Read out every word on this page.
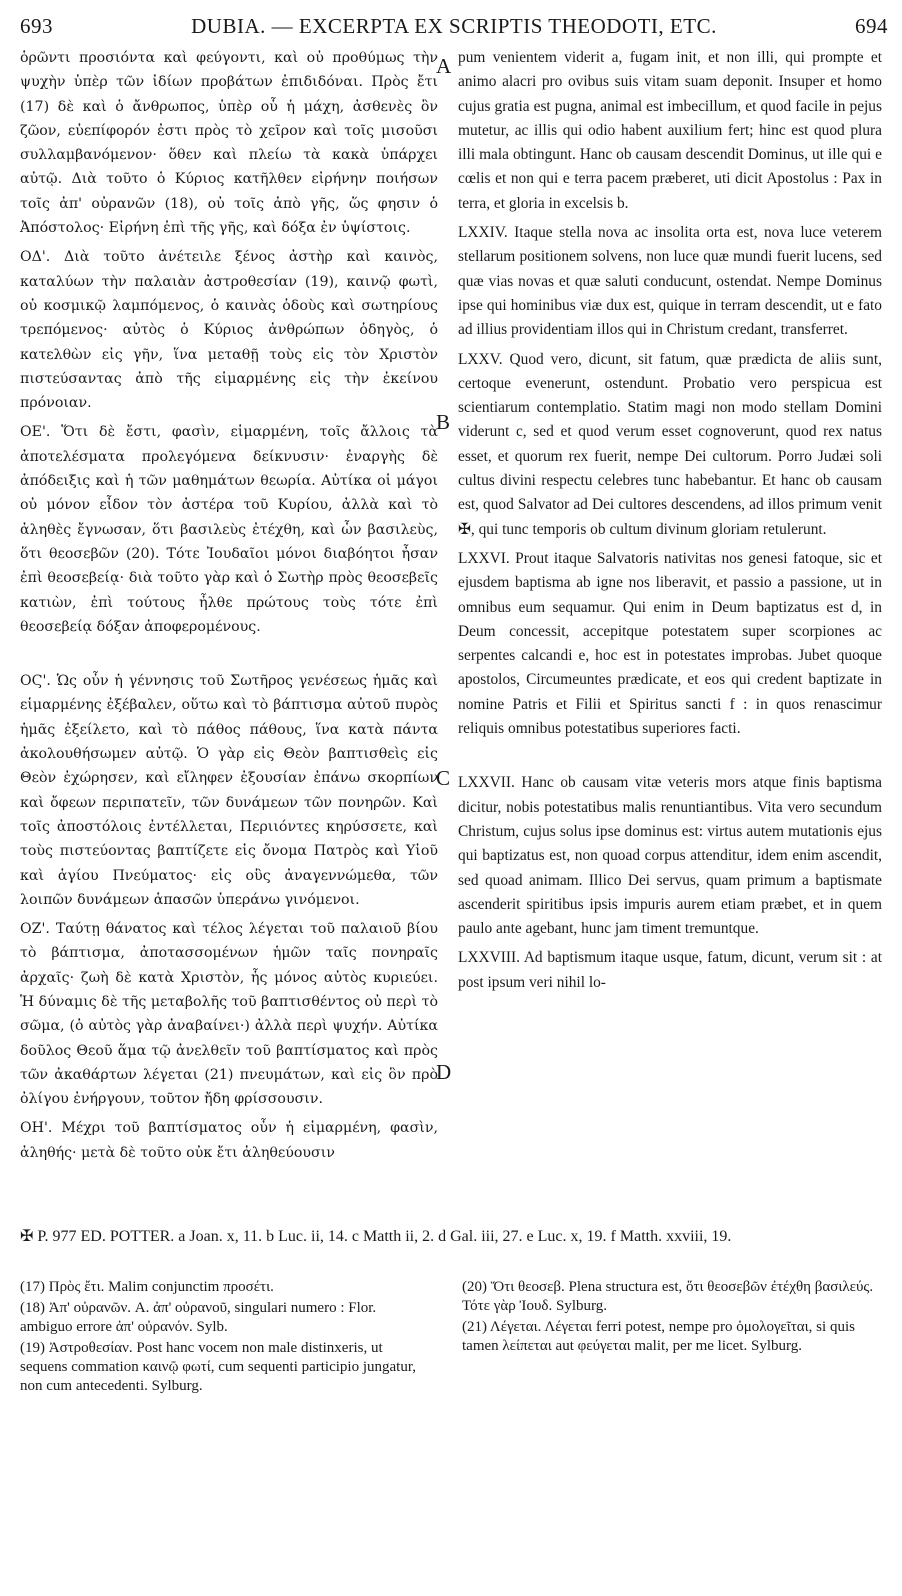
DUBIA. — EXCERPTA EX SCRIPTIS THEODOTI, ETC.
693	694

ὁρῶντι προσιόντα καὶ φεύγοντι, καὶ οὐ προθύμως τὴν ψυχὴν ὑπὲρ τῶν ἰδίων προβάτων ἐπιδιδόναι. Πρὸς ἔτι (17) δὲ καὶ ὁ ἄνθρωπος, ὑπὲρ οὗ ἡ μάχη, ἀσθενὲς ὂν ζῶον, εὐεπίφορόν ἐστι πρὸς τὸ χεῖρον καὶ τοῖς μισοῦσι συλλαμβανόμενον· ὅθεν καὶ πλείω τὰ κακὰ ὑπάρχει αὐτῷ. Διὰ τοῦτο ὁ Κύριος κατῆλθεν εἰρήνην ποιήσων τοῖς ἀπ' οὐρανῶν (18), οὐ τοῖς ἀπὸ γῆς, ὥς φησιν ὁ Ἀπόστολος· Εἰρήνη ἐπὶ τῆς γῆς, καὶ δόξα ἐν ὑψίστοις.

ΟΔ'. Διὰ τοῦτο ἀνέτειλε ξένος ἀστὴρ καὶ καινὸς, καταλύων τὴν παλαιὰν ἀστροθεσίαν (19), καινῷ φωτὶ, οὐ κοσμικῷ λαμπόμενος, ὁ καινὰς ὁδοὺς καὶ σωτηρίους τρεπόμενος· αὐτὸς ὁ Κύριος ἀνθρώπων ὁδηγὸς, ὁ κατελθὼν εἰς γῆν, ἵνα μεταθῇ τοὺς εἰς τὸν Χριστὸν πιστεύσαντας ἀπὸ τῆς εἱμαρμένης εἰς τὴν ἐκείνου πρόνοιαν.

ΟΕ'. Ὅτι δὲ ἔστι, φασὶν, εἱμαρμένη, τοῖς ἄλλοις τὰ ἀποτελέσματα προλεγόμενα δείκνυσιν· ἐναργὴς δὲ ἀπόδειξις καὶ ἡ τῶν μαθημάτων θεωρία. Αὐτίκα οἱ μάγοι οὐ μόνον εἶδον τὸν ἀστέρα τοῦ Κυρίου, ἀλλὰ καὶ τὸ ἀληθὲς ἔγνωσαν, ὅτι βασιλεὺς ἐτέχθη, καὶ ὧν βασιλεὺς, ὅτι θεοσεβῶν (20). Τότε Ἰουδαῖοι μόνοι διαβόητοι ἦσαν ἐπὶ θεοσεβείᾳ· διὰ τοῦτο γὰρ καὶ ὁ Σωτὴρ πρὸς θεοσεβεῖς κατιὼν, ἐπὶ τούτους ἦλθε πρώτους τοὺς τότε ἐπὶ θεοσεβείᾳ δόξαν ἀποφερομένους.

ΟϚ'. Ὡς οὖν ἡ γέννησις τοῦ Σωτῆρος γενέσεως ἡμᾶς καὶ εἱμαρμένης ἐξέβαλεν, οὕτω καὶ τὸ βάπτισμα αὐτοῦ πυρὸς ἡμᾶς ἐξείλετο, καὶ τὸ πάθος πάθους, ἵνα κατὰ πάντα ἀκολουθήσωμεν αὐτῷ. Ὁ γὰρ εἰς Θεὸν βαπτισθεὶς εἰς Θεὸν ἐχώρησεν, καὶ εἴληφεν ἐξουσίαν ἐπάνω σκορπίων καὶ ὄφεων περιπατεῖν, τῶν δυνάμεων τῶν πονηρῶν. Καὶ τοῖς ἀποστόλοις ἐντέλλεται, Περιιόντες κηρύσσετε, καὶ τοὺς πιστεύοντας βαπτίζετε εἰς ὄνομα Πατρὸς καὶ Υἱοῦ καὶ ἁγίου Πνεύματος· εἰς οὓς ἀναγεννώμεθα, τῶν λοιπῶν δυνάμεων ἁπασῶν ὑπεράνω γινόμενοι.

ΟΖ'. Ταύτῃ θάνατος καὶ τέλος λέγεται τοῦ παλαιοῦ βίου τὸ βάπτισμα, ἀποτασσομένων ἡμῶν ταῖς πονηραῖς ἀρχαῖς· ζωὴ δὲ κατὰ Χριστὸν, ἧς μόνος αὐτὸς κυριεύει. Ἡ δύναμις δὲ τῆς μεταβολῆς τοῦ βαπτισθέντος οὐ περὶ τὸ σῶμα, (ὁ αὐτὸς γὰρ ἀναβαίνει·) ἀλλὰ περὶ ψυχήν. Αὐτίκα δοῦλος Θεοῦ ἅμα τῷ ἀνελθεῖν τοῦ βαπτίσματος καὶ πρὸς τῶν ἀκαθάρτων λέγεται (21) πνευμάτων, καὶ εἰς ὃν πρὸ ὀλίγου ἐνήργουν, τοῦτον ἤδη φρίσσουσιν.

ΟΗ'. Μέχρι τοῦ βαπτίσματος οὖν ἡ εἱμαρμένη, φασὶν, ἀληθής· μετὰ δὲ τοῦτο οὐκ ἔτι ἀληθεύουσιν

A
B
C
D

pum venientem viderit a, fugam init, et non illi, qui prompte et animo alacri pro ovibus suis vitam suam deponit. Insuper et homo cujus gratia est pugna, animal est imbecillum, et quod facile in pejus mutetur, ac illis qui odio habent auxilium fert; hinc est quod plura illi mala obtingunt. Hanc ob causam descendit Dominus, ut ille qui e cœlis et non qui e terra pacem præberet, uti dicit Apostolus : Pax in terra, et gloria in excelsis b.

LXXIV. Itaque stella nova ac insolita orta est, nova luce veterem stellarum positionem solvens, non luce quæ mundi fuerit lucens, sed quæ vias novas et quæ saluti conducunt, ostendat. Nempe Dominus ipse qui hominibus viæ dux est, quique in terram descendit, ut e fato ad illius providentiam illos qui in Christum credant, transferret.

LXXV. Quod vero, dicunt, sit fatum, quæ prædicta de aliis sunt, certoque evenerunt, ostendunt. Probatio vero perspicua est scientiarum contemplatio. Statim magi non modo stellam Domini viderunt c, sed et quod verum esset cognoverunt, quod rex natus esset, et quorum rex fuerit, nempe Dei cultorum. Porro Judæi soli cultus divini respectu celebres tunc habebantur. Et hanc ob causam est, quod Salvator ad Dei cultores descendens, ad illos primum venit ✠, qui tunc temporis ob cultum divinum gloriam retulerunt.

LXXVI. Prout itaque Salvatoris nativitas nos genesi fatoque, sic et ejusdem baptisma ab igne nos liberavit, et passio a passione, ut in omnibus eum sequamur. Qui enim in Deum baptizatus est d, in Deum concessit, accepitque potestatem super scorpiones ac serpentes calcandi e, hoc est in potestates improbas. Jubet quoque apostolos, Circumeuntes prædicate, et eos qui credent baptizate in nomine Patris et Filii et Spiritus sancti f : in quos renascimur reliquis omnibus potestatibus superiores facti.

LXXVII. Hanc ob causam vitæ veteris mors atque finis baptisma dicitur, nobis potestatibus malis renuntiantibus. Vita vero secundum Christum, cujus solus ipse dominus est: virtus autem mutationis ejus qui baptizatus est, non quoad corpus attenditur, idem enim ascendit, sed quoad animam. Illico Dei servus, quam primum a baptismate ascenderit spiritibus ipsis impuris aurem etiam præbet, et in quem paulo ante agebant, hunc jam timent tremuntque.

LXXVIII. Ad baptismum itaque usque, fatum, dicunt, verum sit : at post ipsum veri nihil lo-

✠ P. 977 ED. POTTER. a Joan. x, 11. b Luc. ii, 14. c Matth ii, 2. d Gal. iii, 27. e Luc. x, 19. f Matth. xxviii, 19.
(17) Πρὸς ἔτι. Malim conjunctim προσέτι.
(18) Ἀπ' οὐρανῶν. A. ἀπ' οὐρανοῦ, singulari numero : Flor. ambiguo errore ἀπ' οὐρανόν. Sylb.
(19) Ἀστροθεσίαν. Post hanc vocem non male distinxeris, ut sequens commation καινῷ φωτί, cum sequenti participio jungatur, non cum antecedenti. Sylburg.
(20) Ὅτι θεοσεβ. Plena structura est, ὅτι θεοσεβῶν ἐτέχθη βασιλεύς. Τότε γὰρ Ἰουδ. Sylburg.
(21) Λέγεται. Λέγεται ferri potest, nempe pro ὁμολογεῖται, si quis tamen λείπεται aut φεύγεται malit, per me licet. Sylburg.
